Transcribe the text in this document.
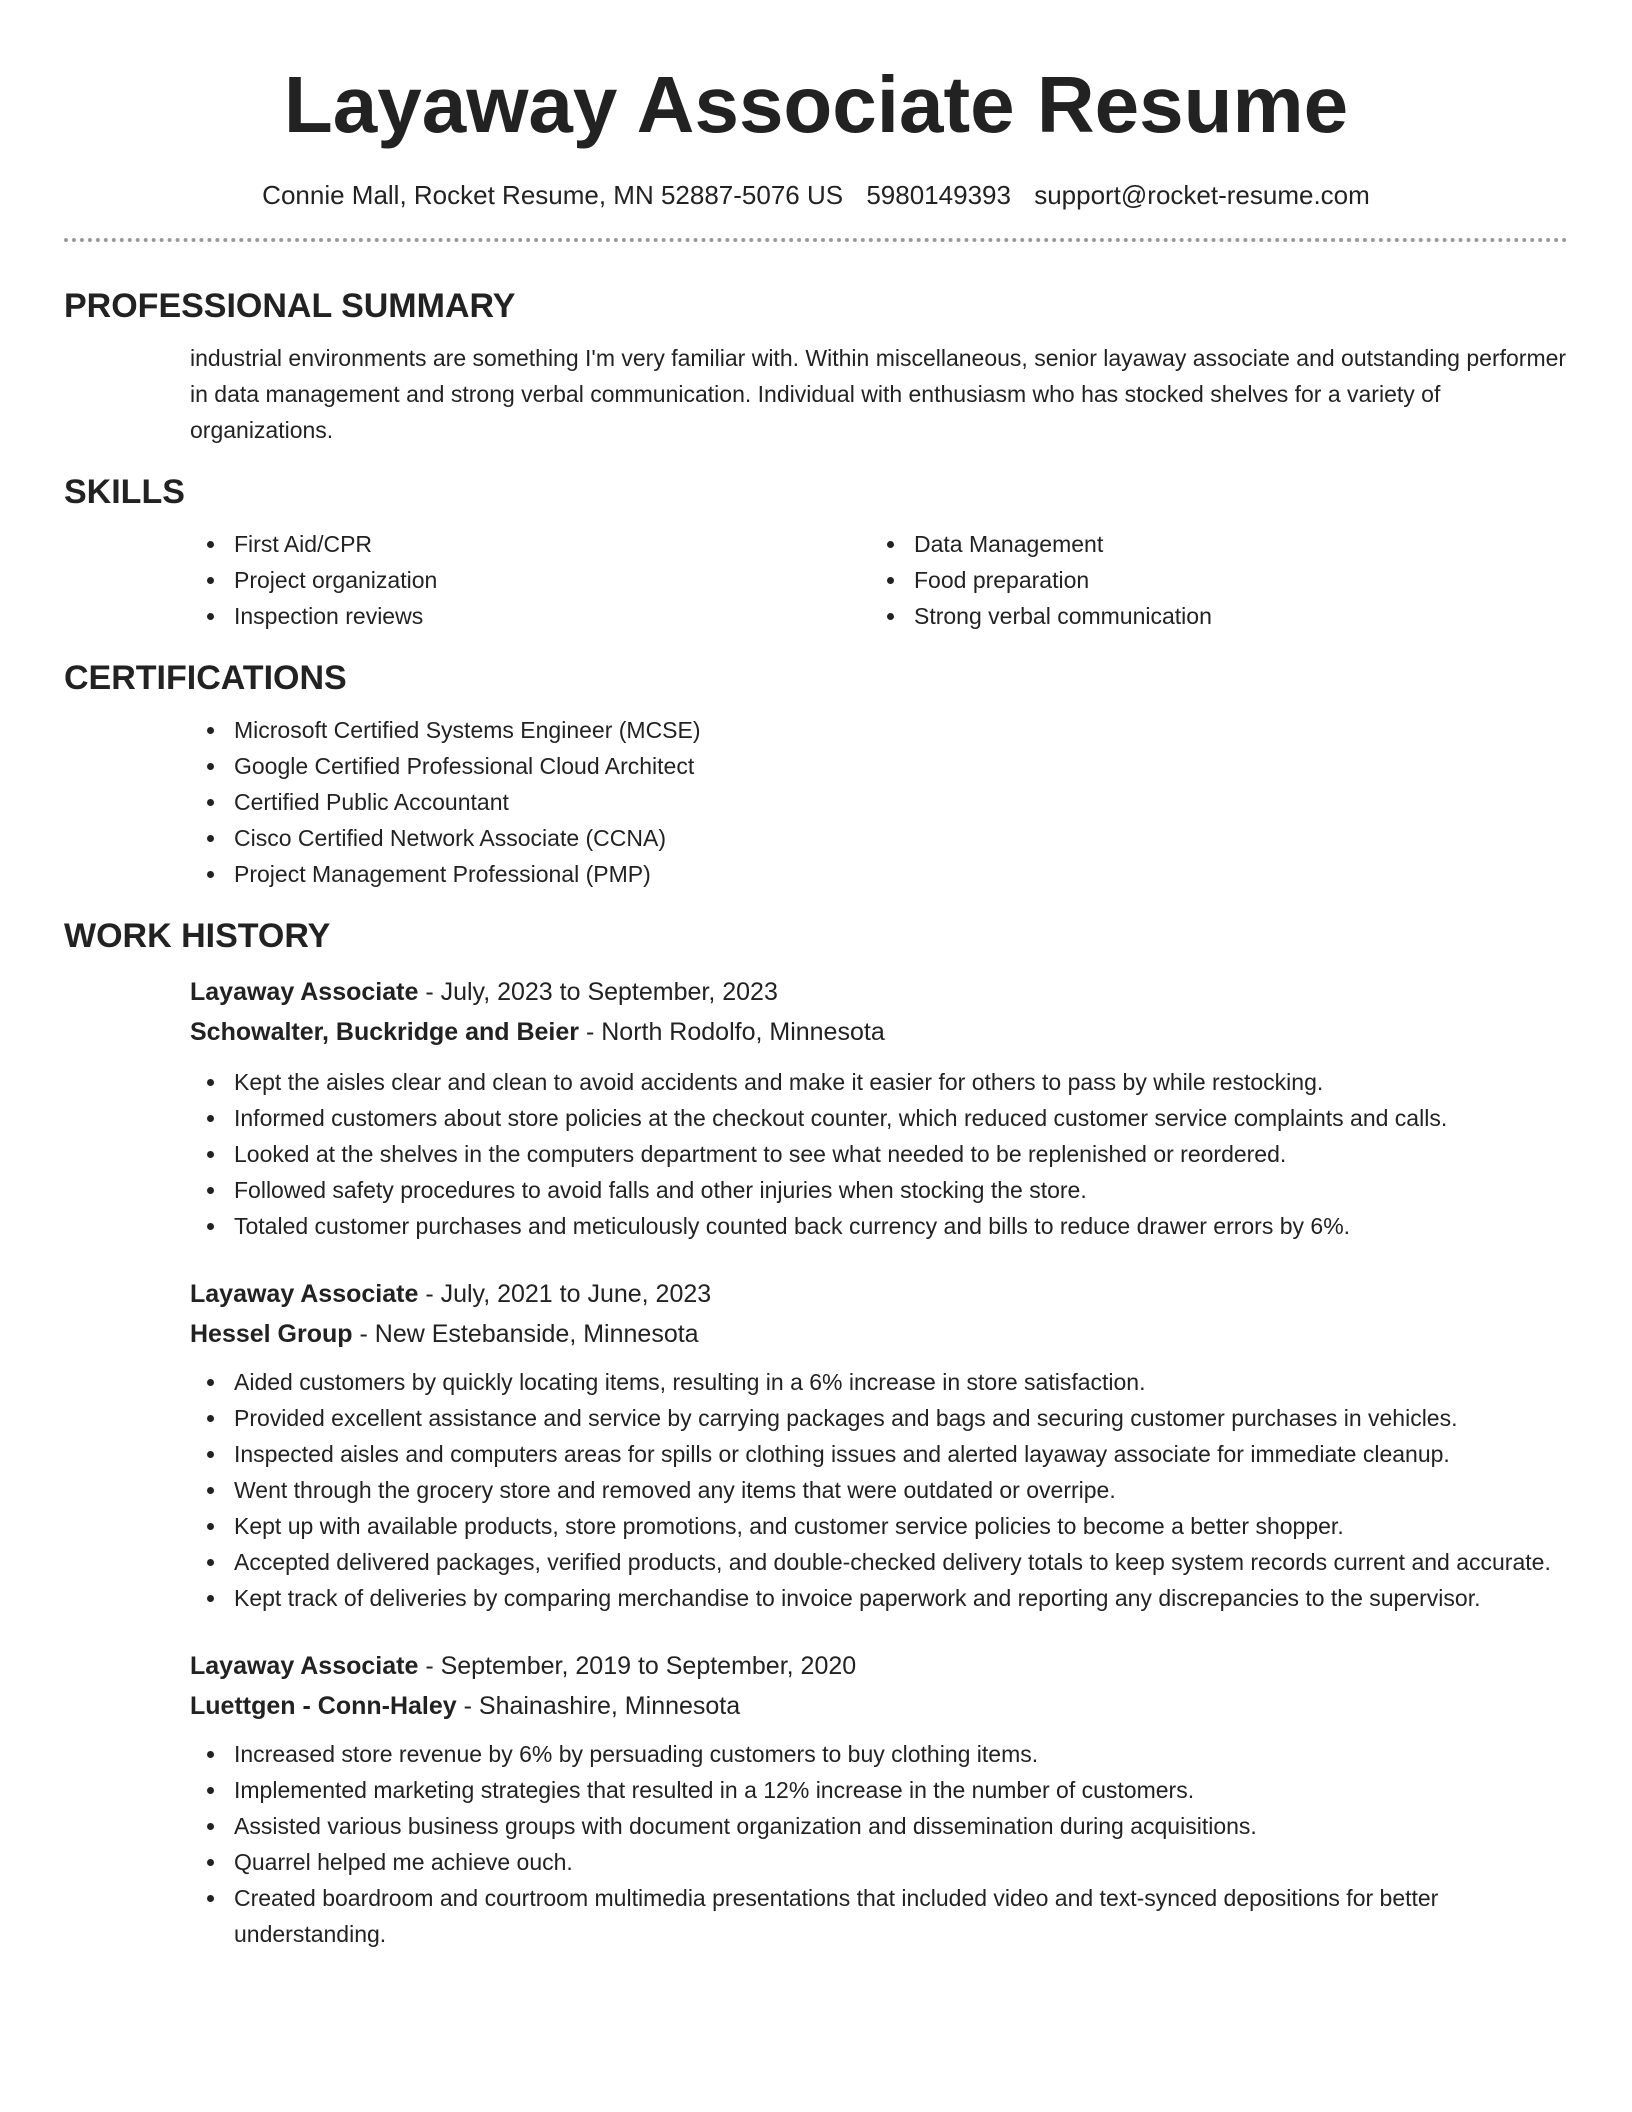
Layaway Associate Resume
Connie Mall, Rocket Resume, MN 52887-5076 US 5980149393 support@rocket-resume.com
PROFESSIONAL SUMMARY

industrial environments are something I'm very familiar with. Within miscellaneous, senior layaway associate and outstanding performer in data management and strong verbal communication. Individual with enthusiasm who has stocked shelves for a variety of organizations.

SKILLS
First Aid/CPR
Project organization
Inspection reviews
Data Management
Food preparation
Strong verbal communication
CERTIFICATIONS
Microsoft Certified Systems Engineer (MCSE)
Google Certified Professional Cloud Architect
Certified Public Accountant
Cisco Certified Network Associate (CCNA)
Project Management Professional (PMP)
WORK HISTORY

Layaway Associate - July, 2023 to September, 2023

Schowalter, Buckridge and Beier - North Rodolfo, Minnesota

Kept the aisles clear and clean to avoid accidents and make it easier for others to pass by while restocking.
Informed customers about store policies at the checkout counter, which reduced customer service complaints and calls.
Looked at the shelves in the computers department to see what needed to be replenished or reordered.
Followed safety procedures to avoid falls and other injuries when stocking the store.
Totaled customer purchases and meticulously counted back currency and bills to reduce drawer errors by 6%.

Layaway Associate - July, 2021 to June, 2023

Hessel Group - New Estebanside, Minnesota

Aided customers by quickly locating items, resulting in a 6% increase in store satisfaction.
Provided excellent assistance and service by carrying packages and bags and securing customer purchases in vehicles.
Inspected aisles and computers areas for spills or clothing issues and alerted layaway associate for immediate cleanup.
Went through the grocery store and removed any items that were outdated or overripe.
Kept up with available products, store promotions, and customer service policies to become a better shopper.
Accepted delivered packages, verified products, and double-checked delivery totals to keep system records current and accurate.
Kept track of deliveries by comparing merchandise to invoice paperwork and reporting any discrepancies to the supervisor.

Layaway Associate - September, 2019 to September, 2020

Luettgen - Conn-Haley - Shainashire, Minnesota

Increased store revenue by 6% by persuading customers to buy clothing items.
Implemented marketing strategies that resulted in a 12% increase in the number of customers.
Assisted various business groups with document organization and dissemination during acquisitions.
Quarrel helped me achieve ouch.
Created boardroom and courtroom multimedia presentations that included video and text-synced depositions for better understanding.
